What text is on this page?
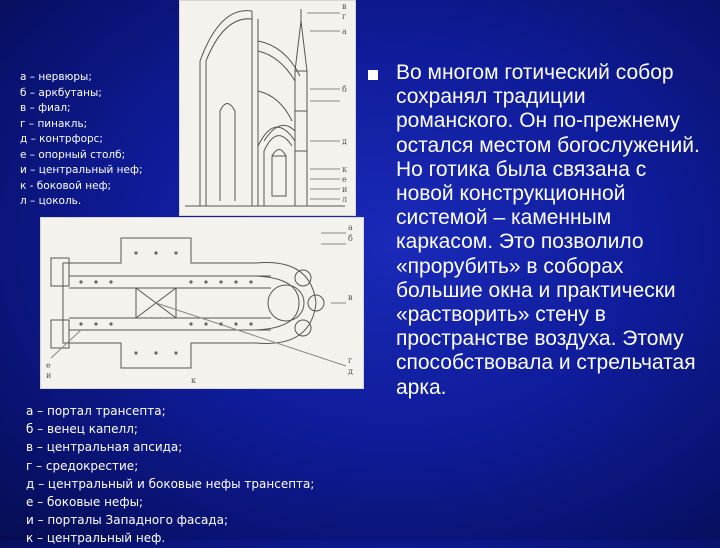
а – нервюры;
б – аркбутаны;
в – фиал;
г – пинакль;
д – контрфорс;
е – опорный столб;
и – центральный неф;
к - боковой неф;
л – цоколь.
в
г
а
б
д
к
е
и
л
а
б
в
г
д
е
и
к
а – портал трансепта;
б – венец капелл;
в – центральная апсида;
г – средокрестие;
д – центральный и боковые нефы трансепта;
е – боковые нефы;
и – порталы Западного фасада;
к – центральный неф.
Во многом готический собор сохранял традиции романского. Он по-прежнему остался местом богослужений. Но готика была связана с новой конструкционной системой – каменным каркасом. Это позволило «прорубить» в соборах большие окна и практически «растворить» стену в пространстве воздуха. Этому способствовала и стрельчатая арка.
